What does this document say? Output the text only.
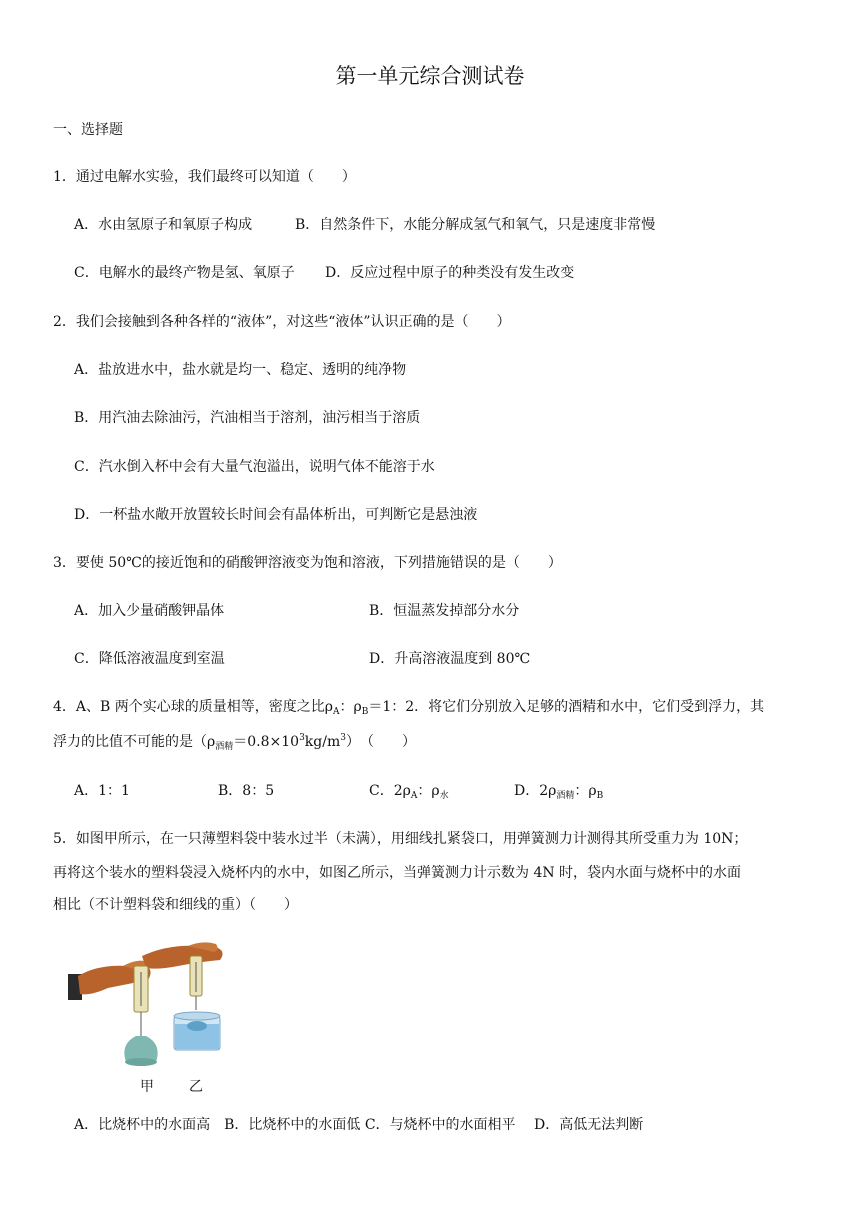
第一单元综合测试卷
一、选择题
1．通过电解水实验，我们最终可以知道（　　）
A．水由氢原子和氧原子构成	B．自然条件下，水能分解成氢气和氧气，只是速度非常慢
C．电解水的最终产物是氢、氧原子 D．反应过程中原子的种类没有发生改变
2．我们会接触到各种各样的“液体”，对这些“液体”认识正确的是（　　）
A．盐放进水中，盐水就是均一、稳定、透明的纯净物
B．用汽油去除油污，汽油相当于溶剂，油污相当于溶质
C．汽水倒入杯中会有大量气泡溢出，说明气体不能溶于水
D．一杯盐水敞开放置较长时间会有晶体析出，可判断它是悬浊液
3．要使 50℃的接近饱和的硝酸钾溶液变为饱和溶液，下列措施错误的是（　　）
A．加入少量硝酸钾晶体	B．恒温蒸发掉部分水分
C．降低溶液温度到室温	D．升高溶液温度到 80℃
4．A、B 两个实心球的质量相等，密度之比$\rho_A$：$\rho_B=1$：2．将它们分别放入足够的酒精和水中，它们受到浮力，其
浮力的比值不可能的是$(\rho_{酒精}=0.8\times 10^3kg/m^3)$　（　　）
A．1：1	B．8：5	C．$2\rho_A$：$\rho_水$	D．$2\rho_{酒精}$：$\rho_B$
5．如图甲所示，在一只薄塑料袋中装水过半（未满），用细线扎紧袋口，用弹簧测力计测得其所受重力为 10N；
再将这个装水的塑料袋浸入烧杯内的水中，如图乙所示，当弹簧测力计示数为 4N 时，袋内水面与烧杯中的水面
相比（不计塑料袋和细线的重）（　　）
甲	乙
A．比烧杯中的水面高　B．比烧杯中的水面低 C．与烧杯中的水面相平　 D．高低无法判断
